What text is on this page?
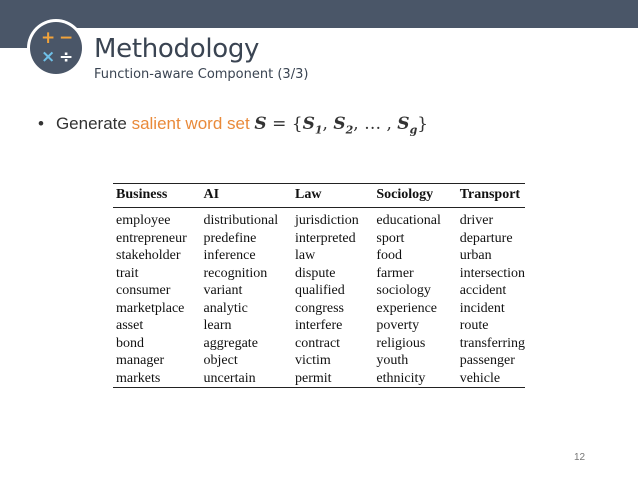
+ −
× ÷ Methodology
Function-aware Component (3/3)
• Generate salient word set $S = \{S_1$, $S_2$, … , $S_g$}
Business	AI	Law	Sociology	Transport
employee	distributional	jurisdiction	educational	driver
entrepreneur	predefine	interpreted	sport	departure
stakeholder	inference	law	food	urban
trait	recognition	dispute	farmer	intersection
consumer	variant	qualified	sociology	accident
marketplace	analytic	congress	experience	incident
asset	learn	interfere	poverty	route
bond	aggregate	contract	religious	transferring
manager	object	victim	youth	passenger
markets	uncertain	permit	ethnicity	vehicle
12
